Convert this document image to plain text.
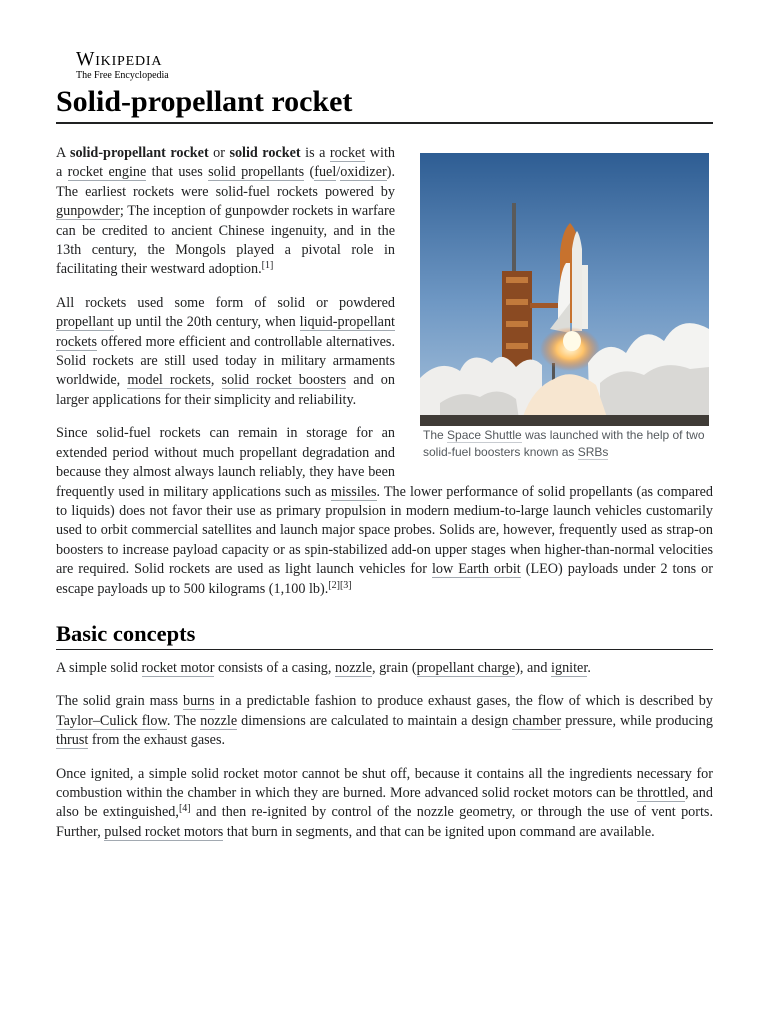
Wikipedia
The Free Encyclopedia
Solid-propellant rocket
The Space Shuttle was launched with the help of two solid-fuel boosters known as SRBs

A solid-propellant rocket or solid rocket is a rocket with a rocket engine that uses solid propellants (fuel/oxidizer). The earliest rockets were solid-fuel rockets powered by gunpowder; The inception of gunpowder rockets in warfare can be credited to ancient Chinese ingenuity, and in the 13th century, the Mongols played a pivotal role in facilitating their westward adoption.[1]

All rockets used some form of solid or powdered propellant up until the 20th century, when liquid-propellant rockets offered more efficient and controllable alternatives. Solid rockets are still used today in military armaments worldwide, model rockets, solid rocket boosters and on larger applications for their simplicity and reliability.

Since solid-fuel rockets can remain in storage for an extended period without much propellant degradation and because they almost always launch reliably, they have been frequently used in military applications such as missiles. The lower performance of solid propellants (as compared to liquids) does not favor their use as primary propulsion in modern medium-to-large launch vehicles customarily used to orbit commercial satellites and launch major space probes. Solids are, however, frequently used as strap-on boosters to increase payload capacity or as spin-stabilized add-on upper stages when higher-than-normal velocities are required. Solid rockets are used as light launch vehicles for low Earth orbit (LEO) payloads under 2 tons or escape payloads up to 500 kilograms (1,100 lb).[2][3]

Basic concepts

A simple solid rocket motor consists of a casing, nozzle, grain (propellant charge), and igniter.

The solid grain mass burns in a predictable fashion to produce exhaust gases, the flow of which is described by Taylor–Culick flow. The nozzle dimensions are calculated to maintain a design chamber pressure, while producing thrust from the exhaust gases.

Once ignited, a simple solid rocket motor cannot be shut off, because it contains all the ingredients necessary for combustion within the chamber in which they are burned. More advanced solid rocket motors can be throttled, and also be extinguished,[4] and then re-ignited by control of the nozzle geometry, or through the use of vent ports. Further, pulsed rocket motors that burn in segments, and that can be ignited upon command are available.
